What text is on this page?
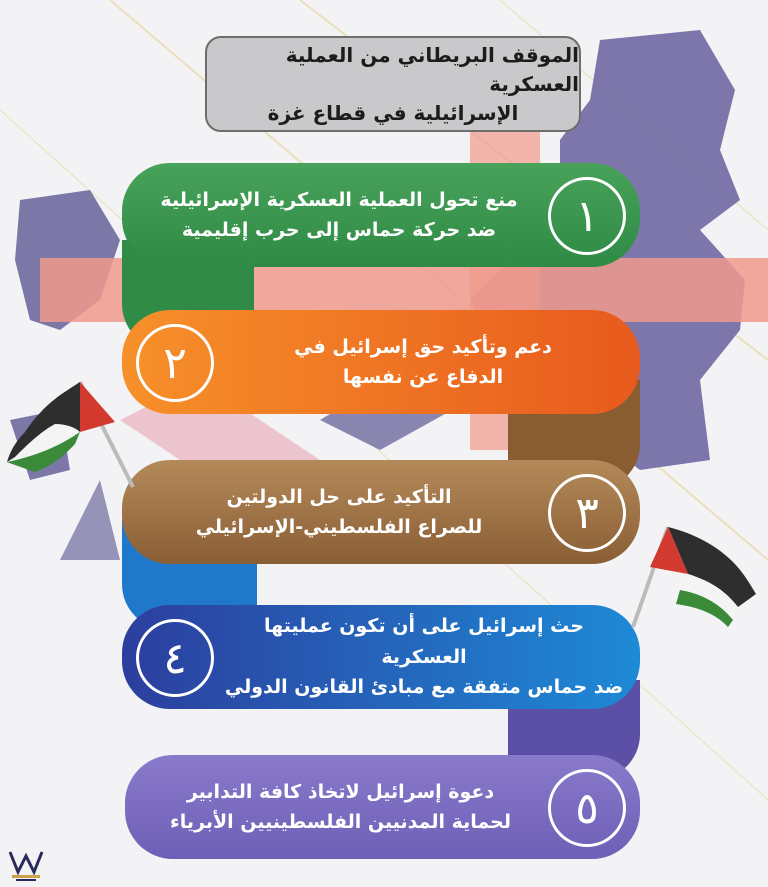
الموقف البريطاني من العملية العسكرية
الإسرائيلية في قطاع غزة
١
منع تحول العملية العسكرية الإسرائيلية
ضد حركة حماس إلى حرب إقليمية
٢	دعم وتأكيد حق إسرائيل في
الدفاع عن نفسها
٣
التأكيد على حل الدولتين
للصراع الفلسطيني-الإسرائيلي
٤
حث إسرائيل على أن تكون عمليتها العسكرية
ضد حماس متفقة مع مبادئ القانون الدولي
٥
دعوة إسرائيل لاتخاذ كافة التدابير
لحماية المدنيين الفلسطينيين الأبرياء
